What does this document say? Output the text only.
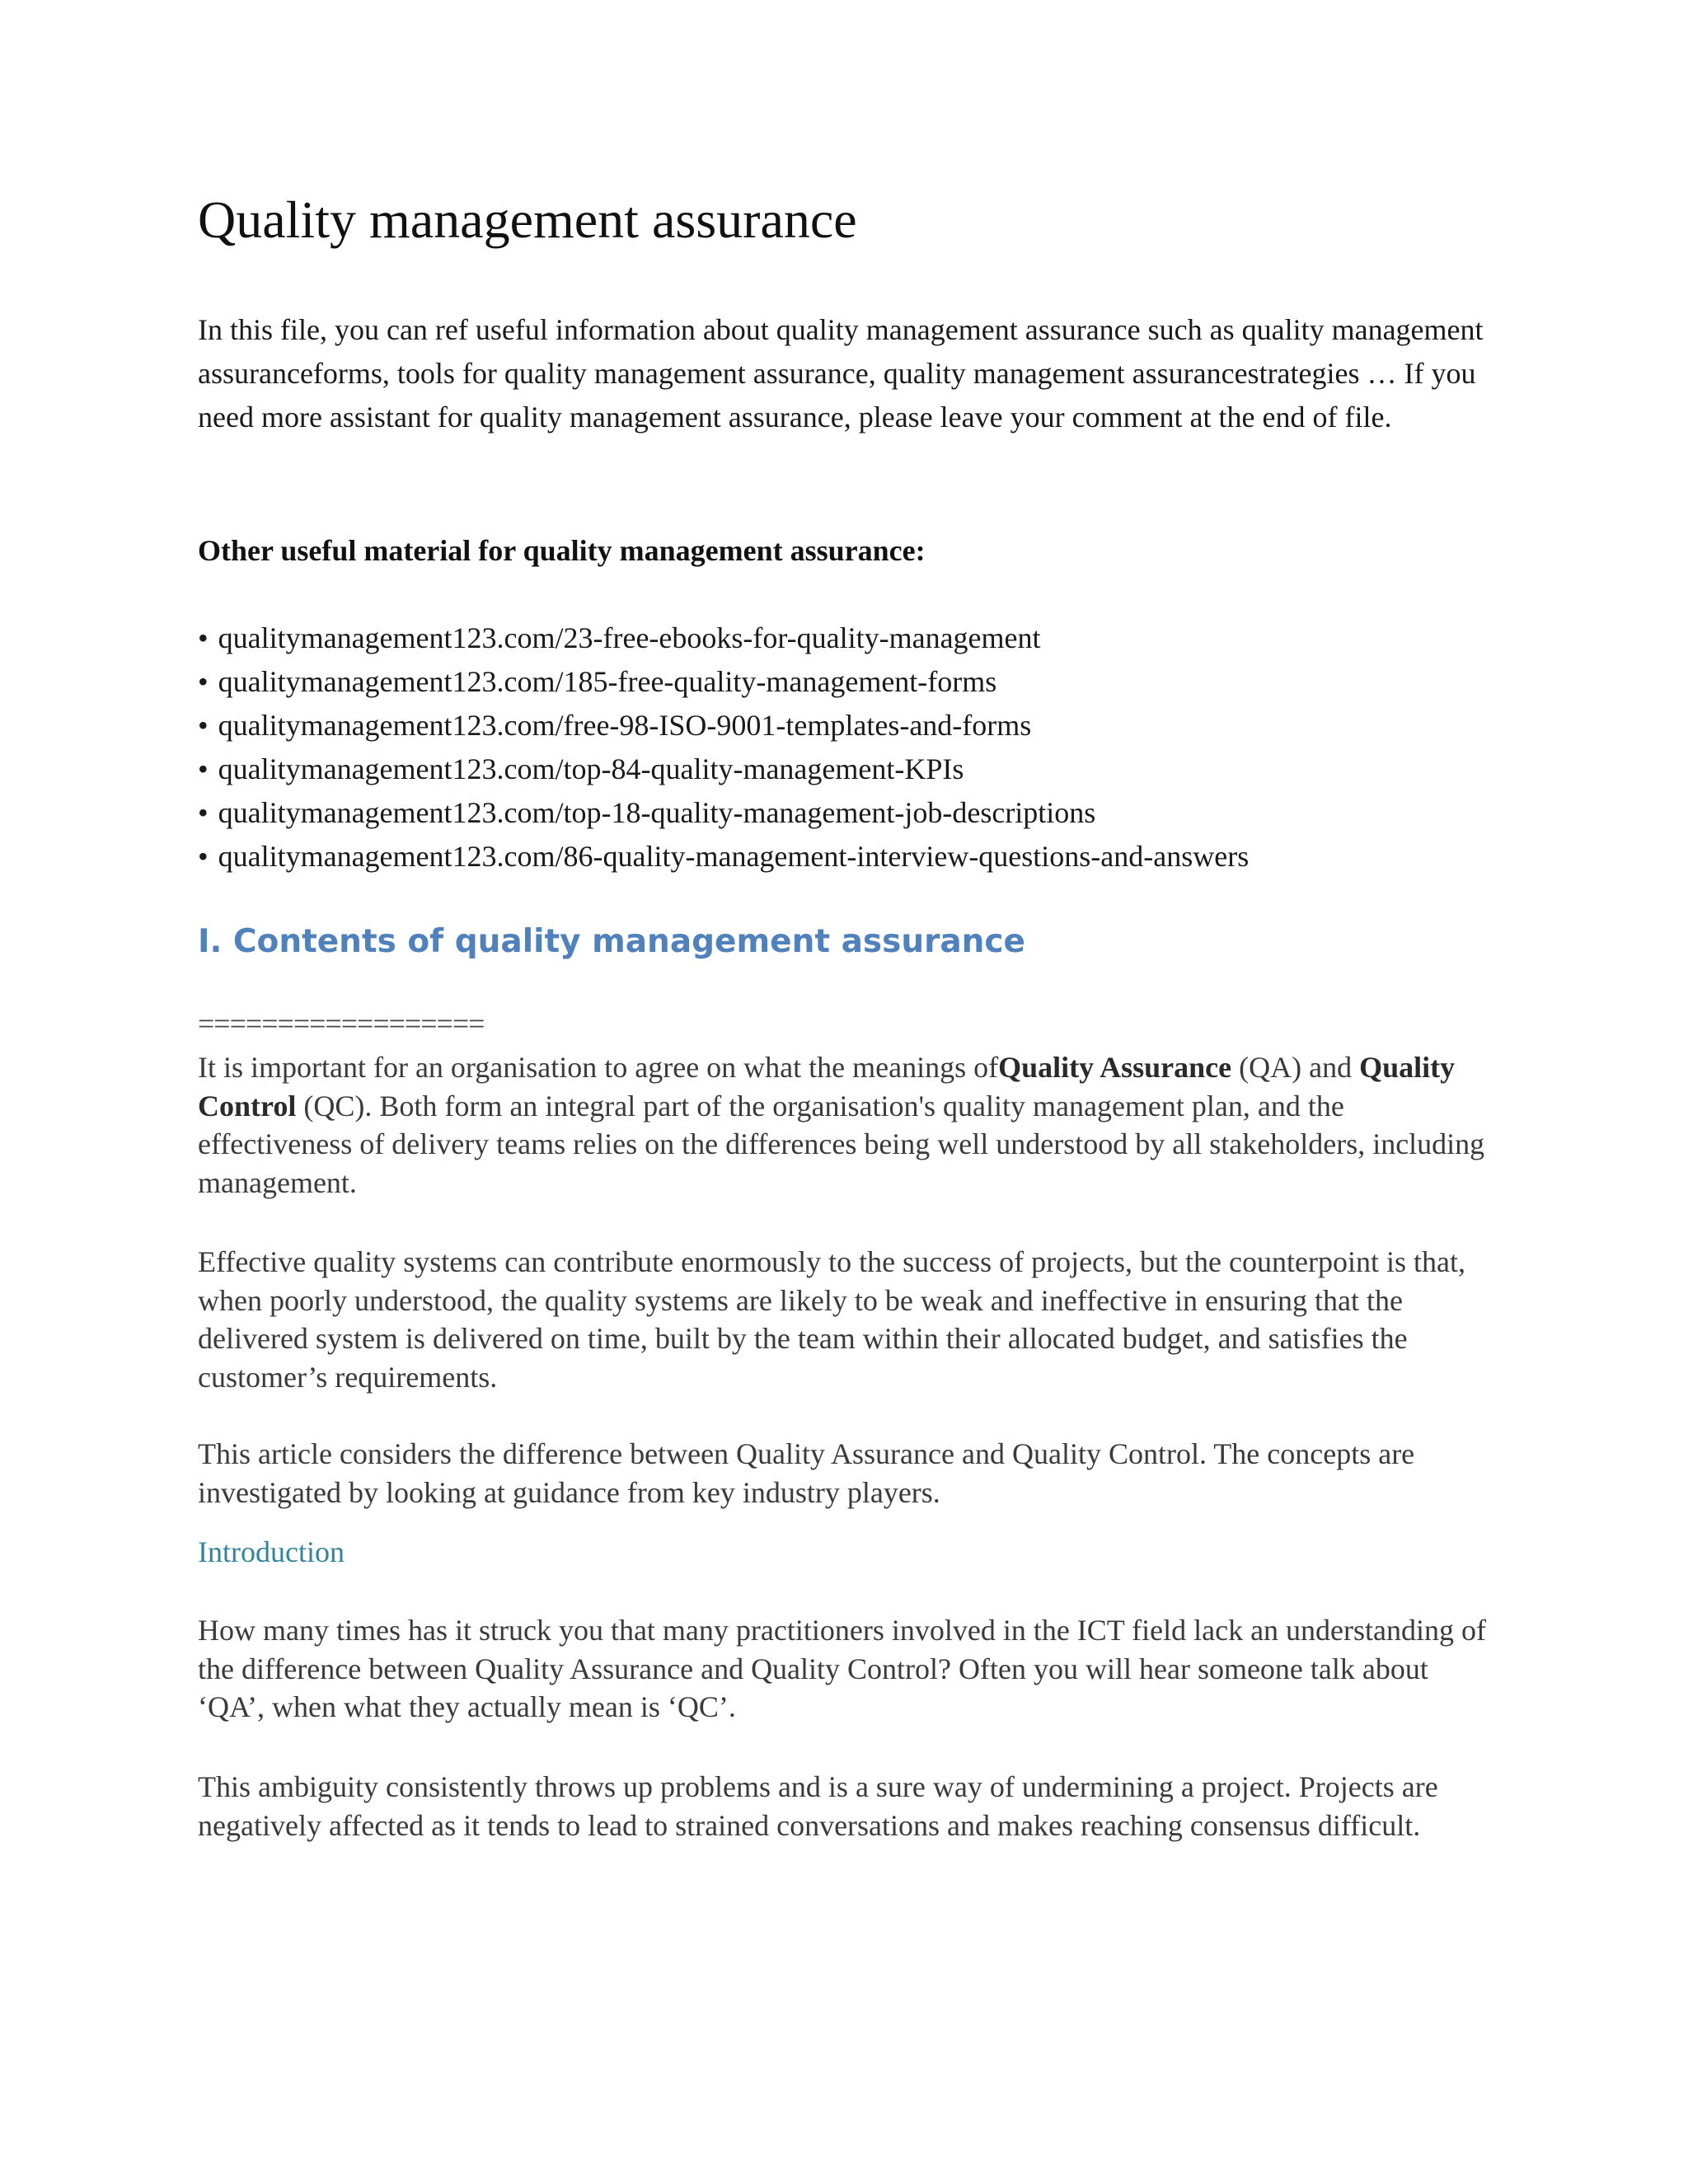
Quality management assurance

In this file, you can ref useful information about quality management assurance such as quality management assuranceforms, tools for quality management assurance, quality management assurancestrategies … If you need more assistant for quality management assurance, please leave your comment at the end of file.

Other useful material for quality management assurance:

• qualitymanagement123.com/23-free-ebooks-for-quality-management
• qualitymanagement123.com/185-free-quality-management-forms
• qualitymanagement123.com/free-98-ISO-9001-templates-and-forms
• qualitymanagement123.com/top-84-quality-management-KPIs
• qualitymanagement123.com/top-18-quality-management-job-descriptions
• qualitymanagement123.com/86-quality-management-interview-questions-and-answers
I. Contents of quality management assurance

==================

It is important for an organisation to agree on what the meanings ofQuality Assurance (QA) and Quality Control (QC). Both form an integral part of the organisation's quality management plan, and the effectiveness of delivery teams relies on the differences being well understood by all stakeholders, including management.

Effective quality systems can contribute enormously to the success of projects, but the counterpoint is that, when poorly understood, the quality systems are likely to be weak and ineffective in ensuring that the delivered system is delivered on time, built by the team within their allocated budget, and satisfies the customer’s requirements.

This article considers the difference between Quality Assurance and Quality Control. The concepts are investigated by looking at guidance from key industry players.

Introduction

How many times has it struck you that many practitioners involved in the ICT field lack an understanding of the difference between Quality Assurance and Quality Control? Often you will hear someone talk about ‘QA’, when what they actually mean is ‘QC’.

This ambiguity consistently throws up problems and is a sure way of undermining a project. Projects are negatively affected as it tends to lead to strained conversations and makes reaching consensus difficult.
